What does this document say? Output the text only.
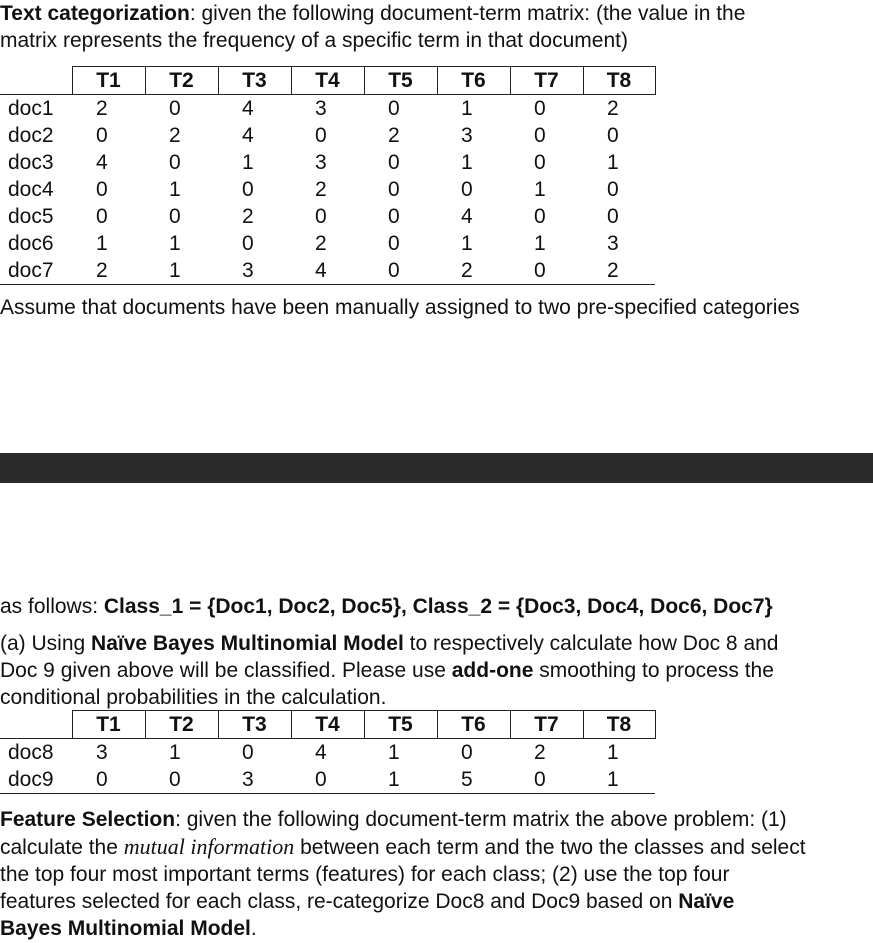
Text categorization: given the following document-term matrix: (the value in the
matrix represents the frequency of a specific term in that document)

	T1	T2	T3	T4	T5	T6	T7	T8
doc1	2	0	4	3	0	1	0	2
doc2	0	2	4	0	2	3	0	0
doc3	4	0	1	3	0	1	0	1
doc4	0	1	0	2	0	0	1	0
doc5	0	0	2	0	0	4	0	0
doc6	1	1	0	2	0	1	1	3
doc7	2	1	3	4	0	2	0	2

Assume that documents have been manually assigned to two pre-specified categories

as follows: Class_1 = {Doc1, Doc2, Doc5}, Class_2 = {Doc3, Doc4, Doc6, Doc7}

(a) Using Naïve Bayes Multinomial Model to respectively calculate how Doc 8 and
Doc 9 given above will be classified. Please use add-one smoothing to process the
conditional probabilities in the calculation.

	T1	T2	T3	T4	T5	T6	T7	T8
doc8	3	1	0	4	1	0	2	1
doc9	0	0	3	0	1	5	0	1

Feature Selection: given the following document-term matrix the above problem: (1)
calculate the mutual information between each term and the two the classes and select
the top four most important terms (features) for each class; (2) use the top four
features selected for each class, re-categorize Doc8 and Doc9 based on Naïve
Bayes Multinomial Model.
